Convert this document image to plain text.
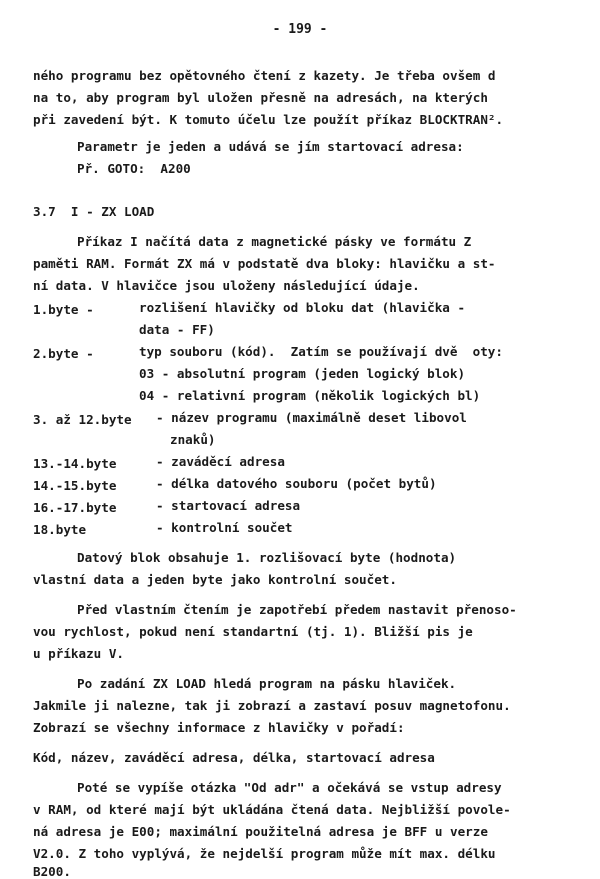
- 199 -
ného programu bez opětovného čtení z kazety. Je třeba ovšem d
na to, aby program byl uložen přesně na adresách, na kterých
při zavedení být. K tomuto účelu lze použít příkaz BLOCKTRAN².
Parametr je jeden a udává se jím startovací adresa:
Př. GOTO:  A200
3.7  I - ZX LOAD
Příkaz I načítá data z magnetické pásky ve formátu Z
paměti RAM. Formát ZX má v podstatě dva bloky: hlavičku a st-
ní data. V hlavičce jsou uloženy následující údaje.
1.byte -	rozlišení hlavičky od bloku dat (hlavička -
data - FF)
2.byte -	typ souboru (kód).  Zatím se používají dvě  oty:
03 - absolutní program (jeden logický blok)
04 - relativní program (několik logických bl)
3. až 12.byte - název programu (maximálně deset libovol
znaků)
13.-14.byte	- zaváděcí adresa
14.-15.byte	- délka datového souboru (počet bytů)
16.-17.byte	- startovací adresa
18.byte	- kontrolní součet
Datový blok obsahuje 1. rozlišovací byte (hodnota)
vlastní data a jeden byte jako kontrolní součet.
Před vlastním čtením je zapotřebí předem nastavit přenoso-
vou rychlost, pokud není standartní (tj. 1). Bližší pis je
u příkazu V.
Po zadání ZX LOAD hledá program na pásku hlaviček.
Jakmile ji nalezne, tak ji zobrazí a zastaví posuv magnetofonu.
Zobrazí se všechny informace z hlavičky v pořadí:
Kód, název, zaváděcí adresa, délka, startovací adresa
Poté se vypíše otázka "Od adr" a očekává se vstup adresy
v RAM, od které mají být ukládána čtená data. Nejbližší povole-
ná adresa je E00; maximální použitelná adresa je BFF u verze
V2.0. Z toho vyplývá, že nejdelší program může mít max. délku
B200.
